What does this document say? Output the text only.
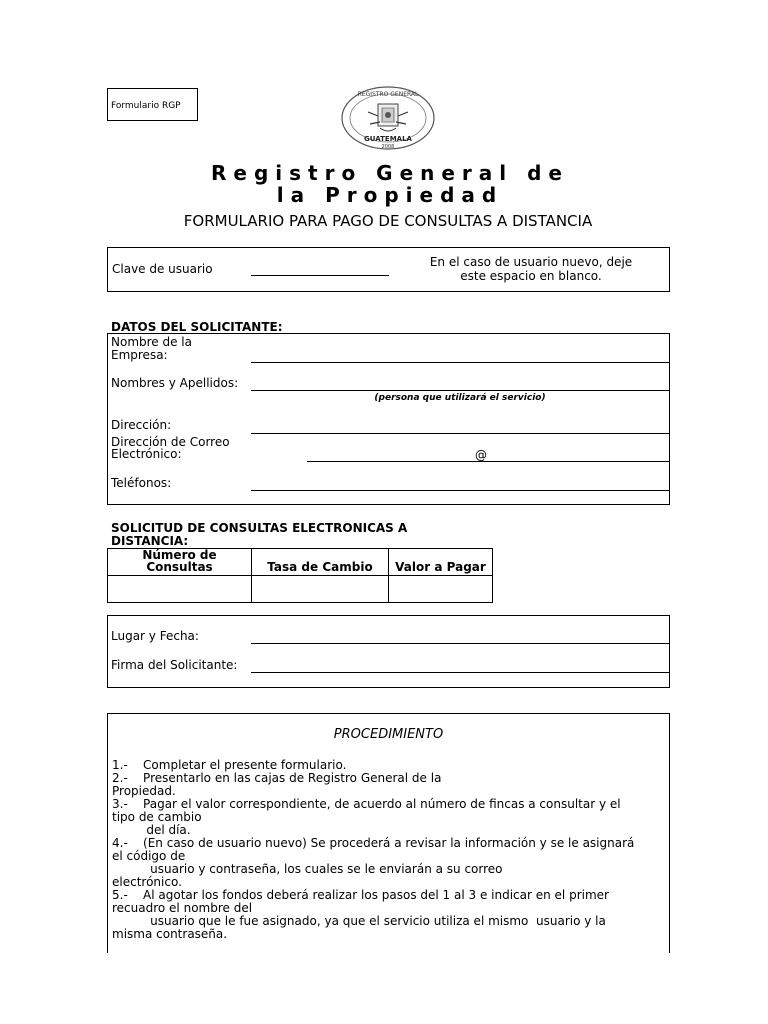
Formulario RGP
REGISTRO GENERAL
GUATEMALA
2008
Registro General de la Propiedad
FORMULARIO PARA PAGO DE CONSULTAS A DISTANCIA
Clave de usuario	En el caso de usuario nuevo, deje
este espacio en blanco.
DATOS DEL SOLICITANTE:
Nombre de la
Empresa:
Nombres y Apellidos:
(persona que utilizará el servicio)
Dirección:
Dirección de Correo
Electrónico:	@
Teléfonos:
SOLICITUD DE CONSULTAS ELECTRONICAS A
DISTANCIA:
Número de
Consultas	Tasa de Cambio	Valor a Pagar
Lugar y Fecha:
Firma del Solicitante:
PROCEDIMIENTO
1.-    Completar el presente formulario.
2.-    Presentarlo en las cajas de Registro General de la
Propiedad.
3.-    Pagar el valor correspondiente, de acuerdo al número de fincas a consultar y el
tipo de cambio
del día.
4.-    (En caso de usuario nuevo) Se procederá a revisar la información y se le asignará
el código de
usuario y contraseña, los cuales se le enviarán a su correo
electrónico.
5.-    Al agotar los fondos deberá realizar los pasos del 1 al 3 e indicar en el primer
recuadro el nombre del
usuario que le fue asignado, ya que el servicio utiliza el mismo  usuario y la
misma contraseña.
